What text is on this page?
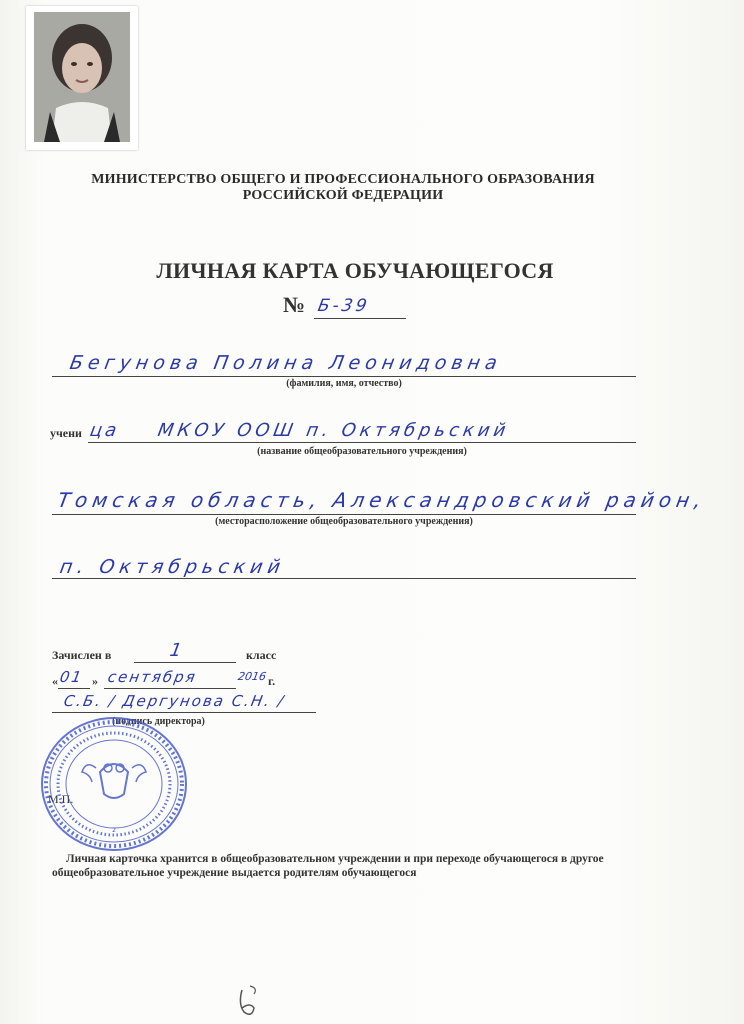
МИНИСТЕРСТВО ОБЩЕГО И ПРОФЕССИОНАЛЬНОГО ОБРАЗОВАНИЯ
РОССИЙСКОЙ ФЕДЕРАЦИИ
ЛИЧНАЯ КАРТА ОБУЧАЮЩЕГОСЯ
№ Б-39
Бегунова Полина Леонидовна
(фамилия, имя, отчество)
учени ца МКОУ ООШ п. Октябрьский
(название общеобразовательного учреждения)
Томская область, Александровский район,
(месторасположение общеобразовательного учреждения)
п. Октябрьский
Зачислен в	1	класс
« 01 » сентября	2016 г.
С.Б. / Дергунова С.Н. /
(подпись директора)
М.П.
2
Личная карточка хранится в общеобразовательном учреждении и при переходе обучающегося в другое
общеобразовательное учреждение выдается родителям обучающегося
